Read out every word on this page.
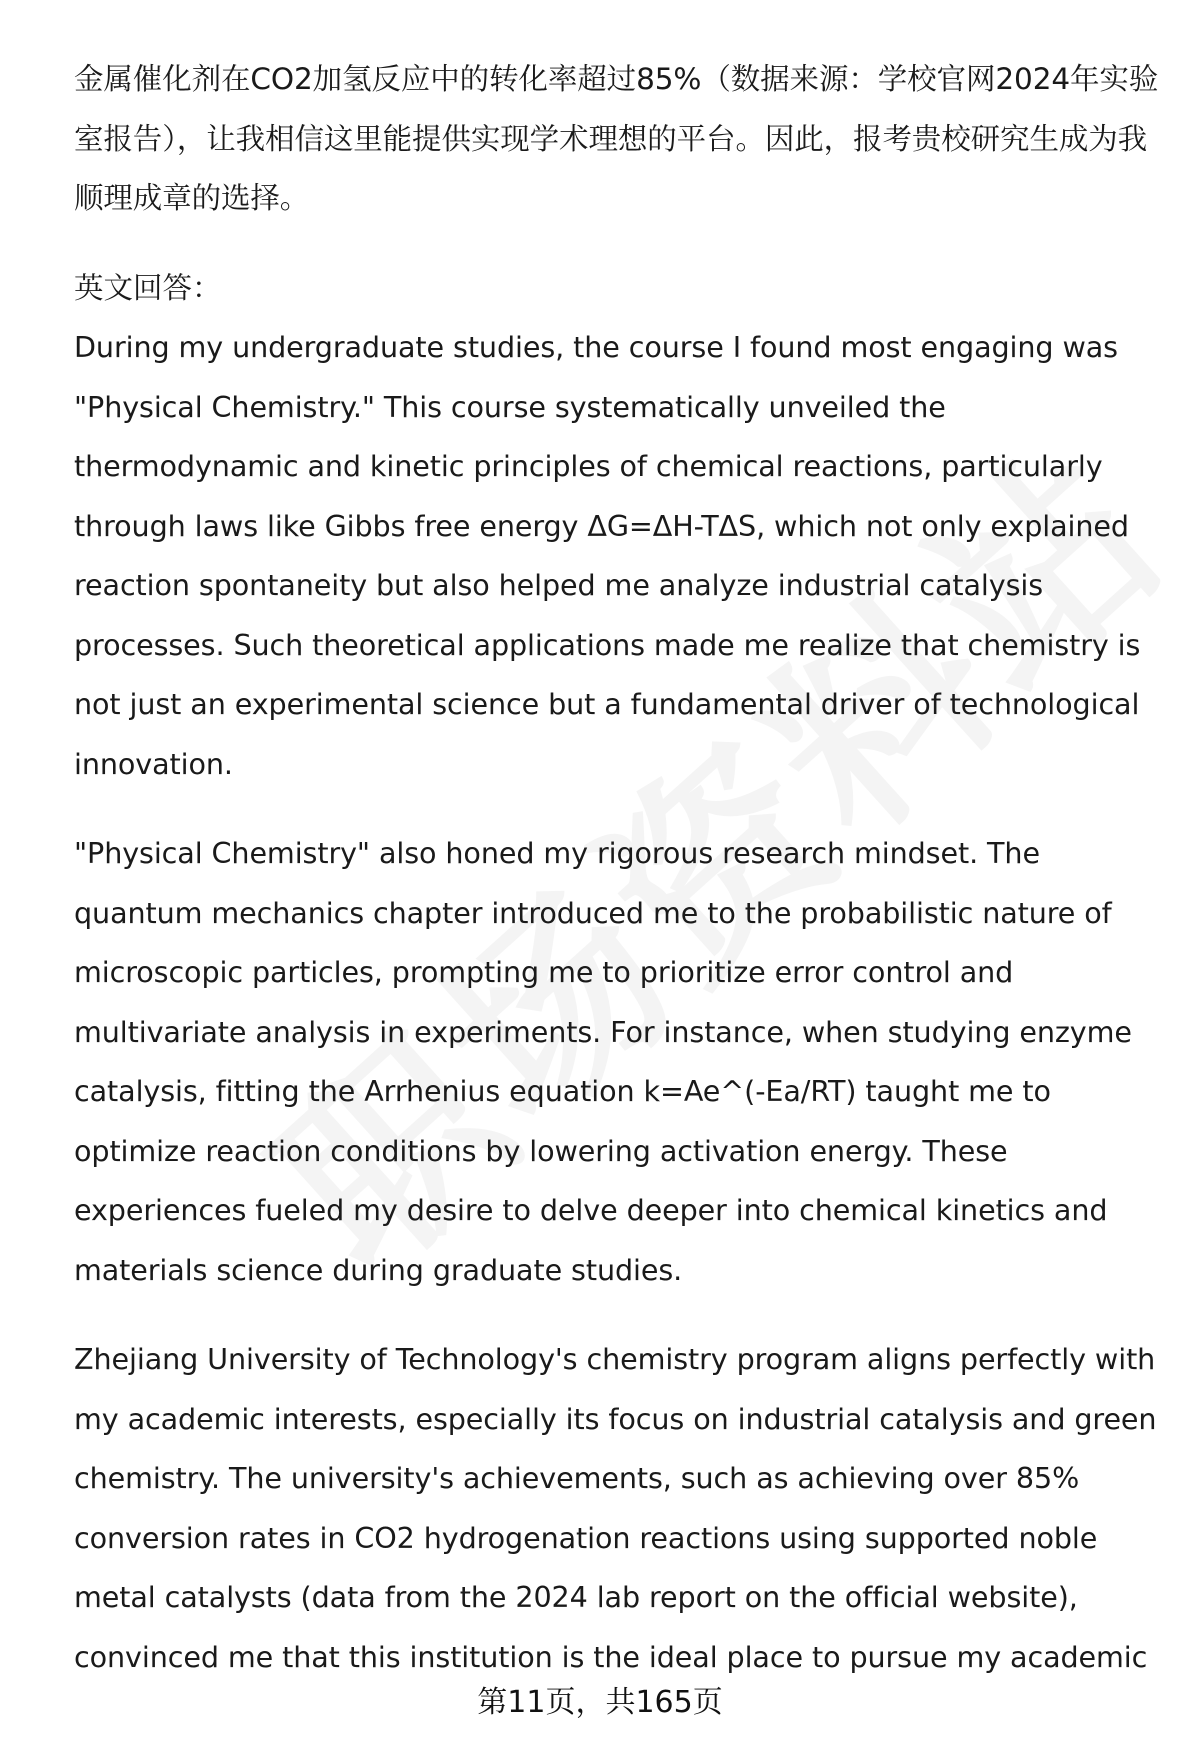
金属催化剂在CO2加氢反应中的转化率超过85%（数据来源：学校官网2024年实验室报告），让我相信这里能提供实现学术理想的平台。因此，报考贵校研究生成为我顺理成章的选择。

英文回答：

During my undergraduate studies, the course I found most engaging was "Physical Chemistry." This course systematically unveiled the thermodynamic and kinetic principles of chemical reactions, particularly through laws like Gibbs free energy ΔG=ΔH-TΔS, which not only explained reaction spontaneity but also helped me analyze industrial catalysis processes. Such theoretical applications made me realize that chemistry is not just an experimental science but a fundamental driver of technological innovation.

"Physical Chemistry" also honed my rigorous research mindset. The quantum mechanics chapter introduced me to the probabilistic nature of microscopic particles, prompting me to prioritize error control and multivariate analysis in experiments. For instance, when studying enzyme catalysis, fitting the Arrhenius equation k=Ae^(-Ea/RT) taught me to optimize reaction conditions by lowering activation energy. These experiences fueled my desire to delve deeper into chemical kinetics and materials science during graduate studies.

Zhejiang University of Technology's chemistry program aligns perfectly with my academic interests, especially its focus on industrial catalysis and green chemistry. The university's achievements, such as achieving over 85% conversion rates in CO2 hydrogenation reactions using supported noble metal catalysts (data from the 2024 lab report on the official website), convinced me that this institution is the ideal place to pursue my academic

第11页，共165页
